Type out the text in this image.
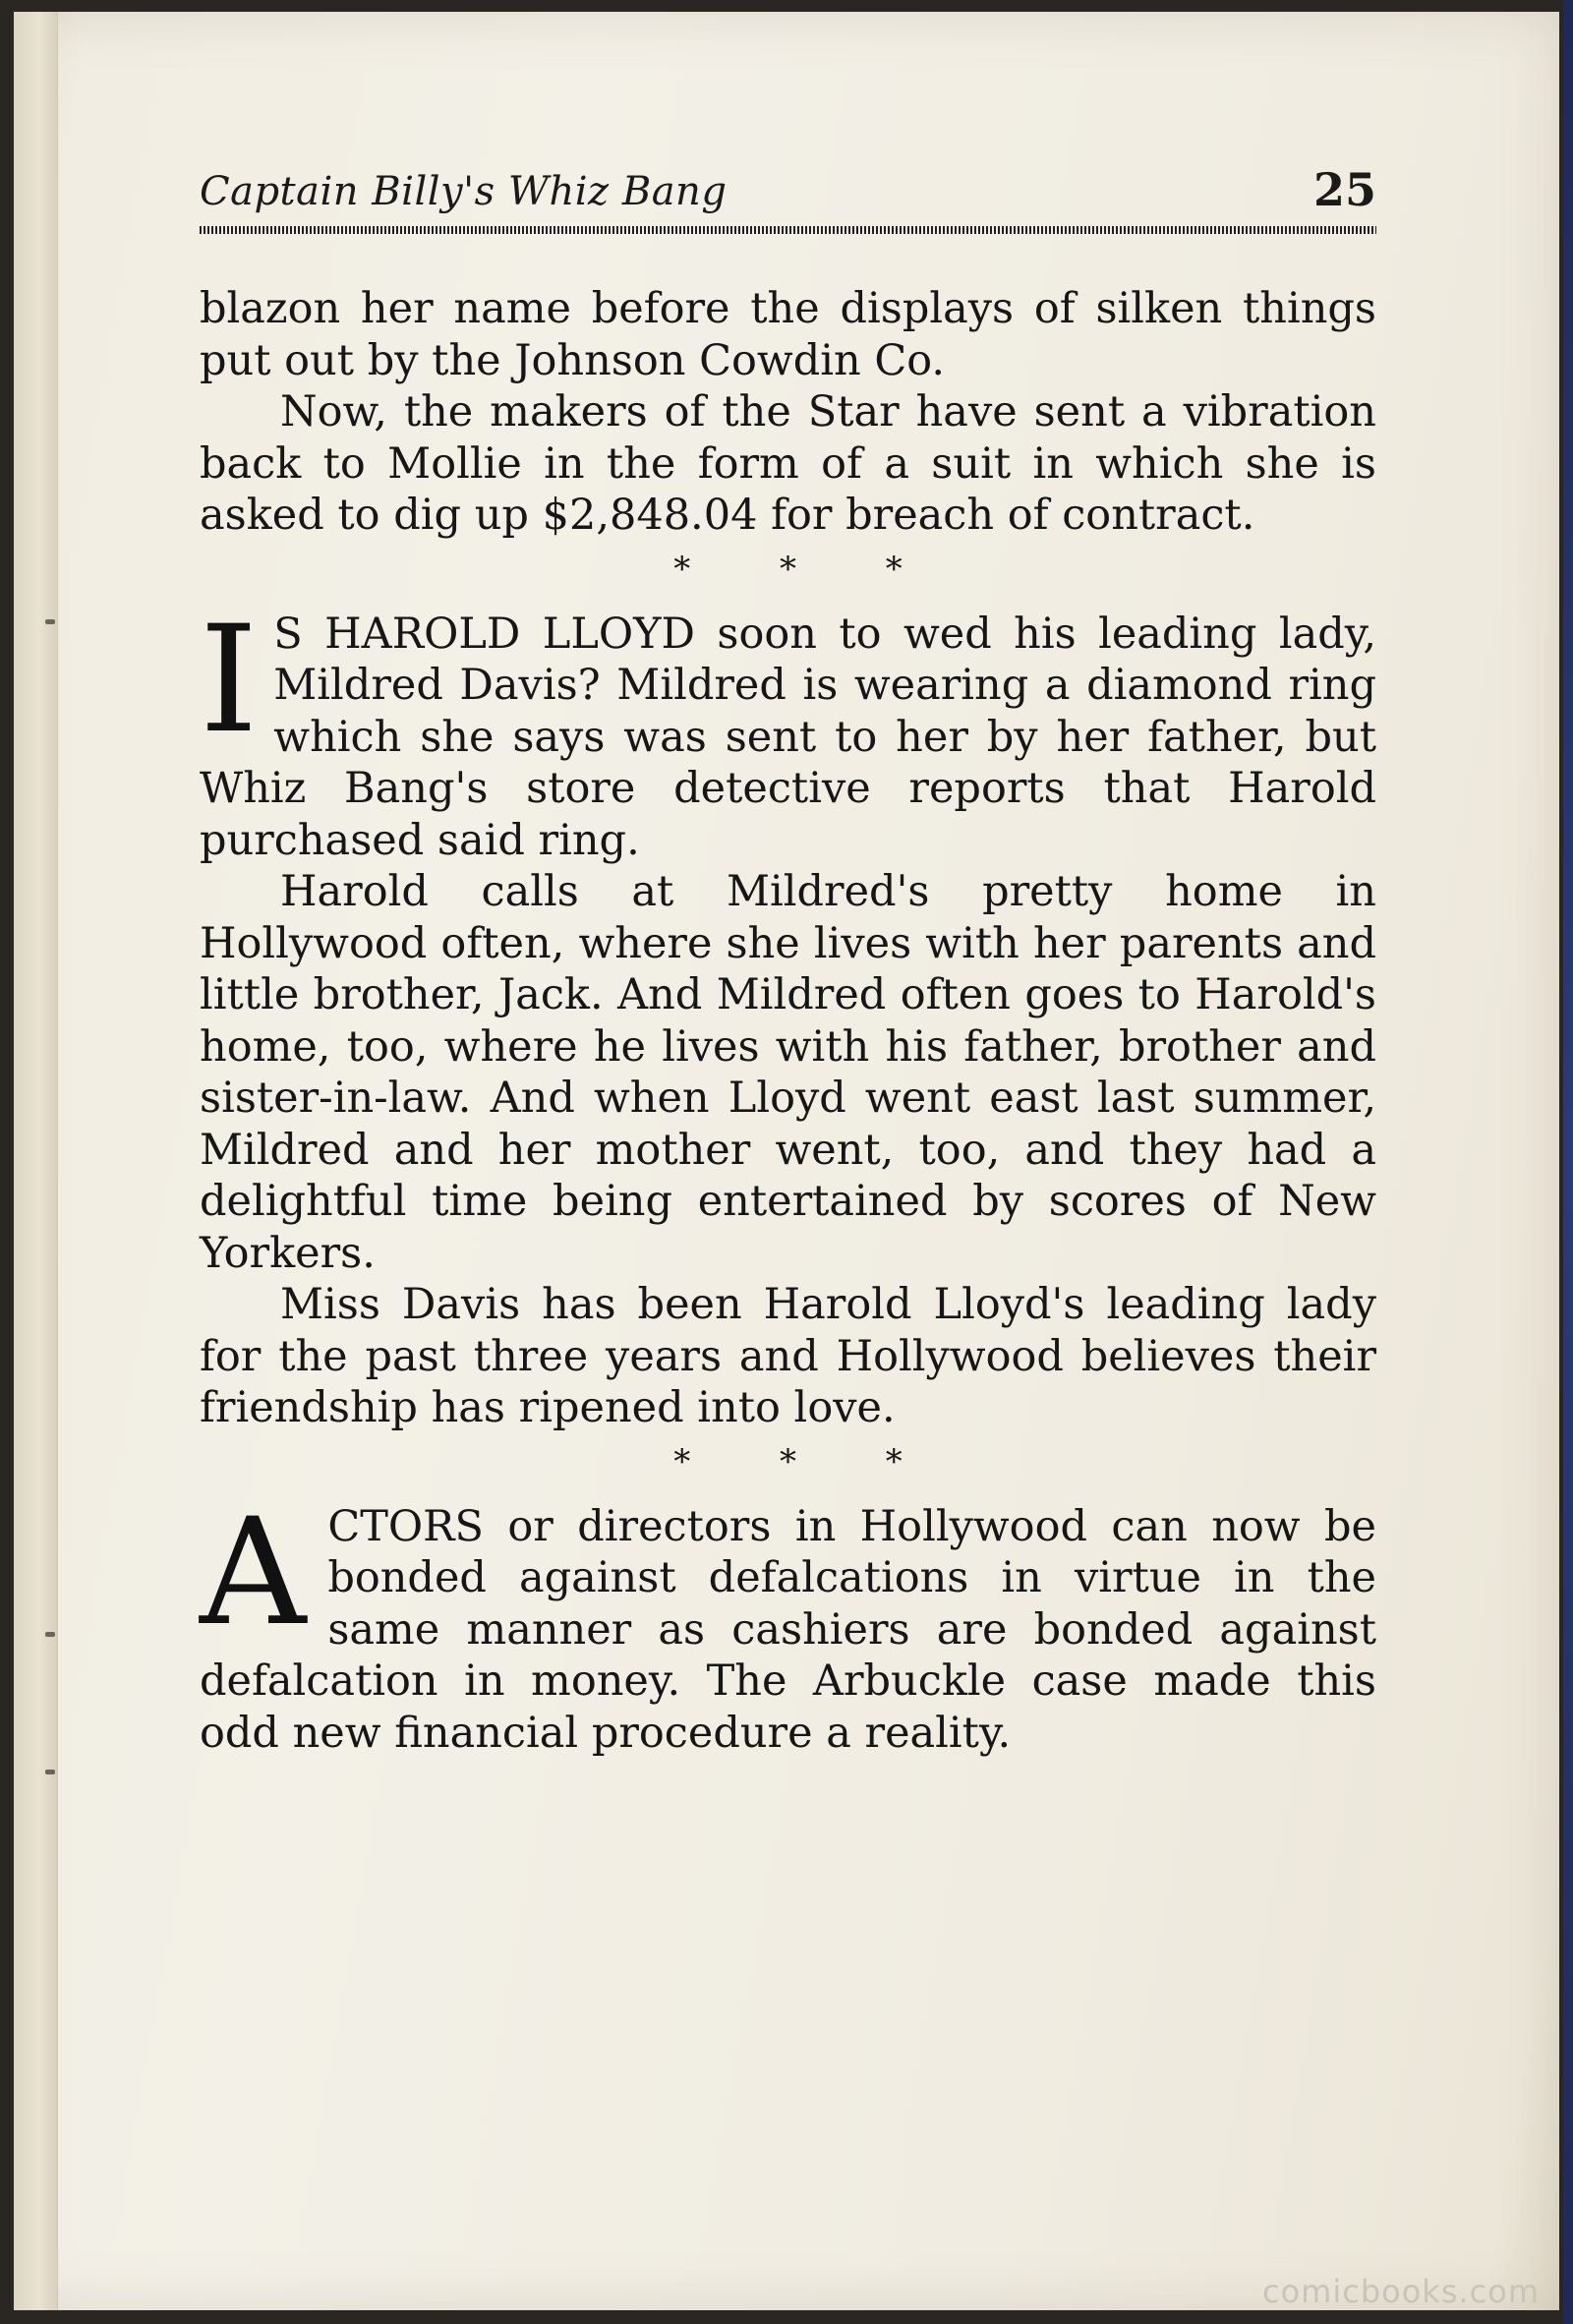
Captain Billy's Whiz Bang	25

blazon her name before the displays of silken things put out by the Johnson Cowdin Co.

Now, the makers of the Star have sent a vibration back to Mollie in the form of a suit in which she is asked to dig up $2,848.04 for breach of contract.

* * *

I S HAROLD LLOYD soon to wed his leading lady, Mildred Davis? Mildred is wearing a diamond ring which she says was sent to her by her father, but Whiz Bang's store detective reports that Harold purchased said ring.

Harold calls at Mildred's pretty home in Hollywood often, where she lives with her parents and little brother, Jack. And Mildred often goes to Harold's home, too, where he lives with his father, brother and sister-in-law. And when Lloyd went east last summer, Mildred and her mother went, too, and they had a delightful time being entertained by scores of New Yorkers.

Miss Davis has been Harold Lloyd's leading lady for the past three years and Hollywood believes their friendship has ripened into love.

* * *

A CTORS or directors in Hollywood can now be bonded against defalcations in virtue in the same manner as cashiers are bonded against defalcation in money. The Arbuckle case made this odd new financial procedure a reality.

comicbooks.com
